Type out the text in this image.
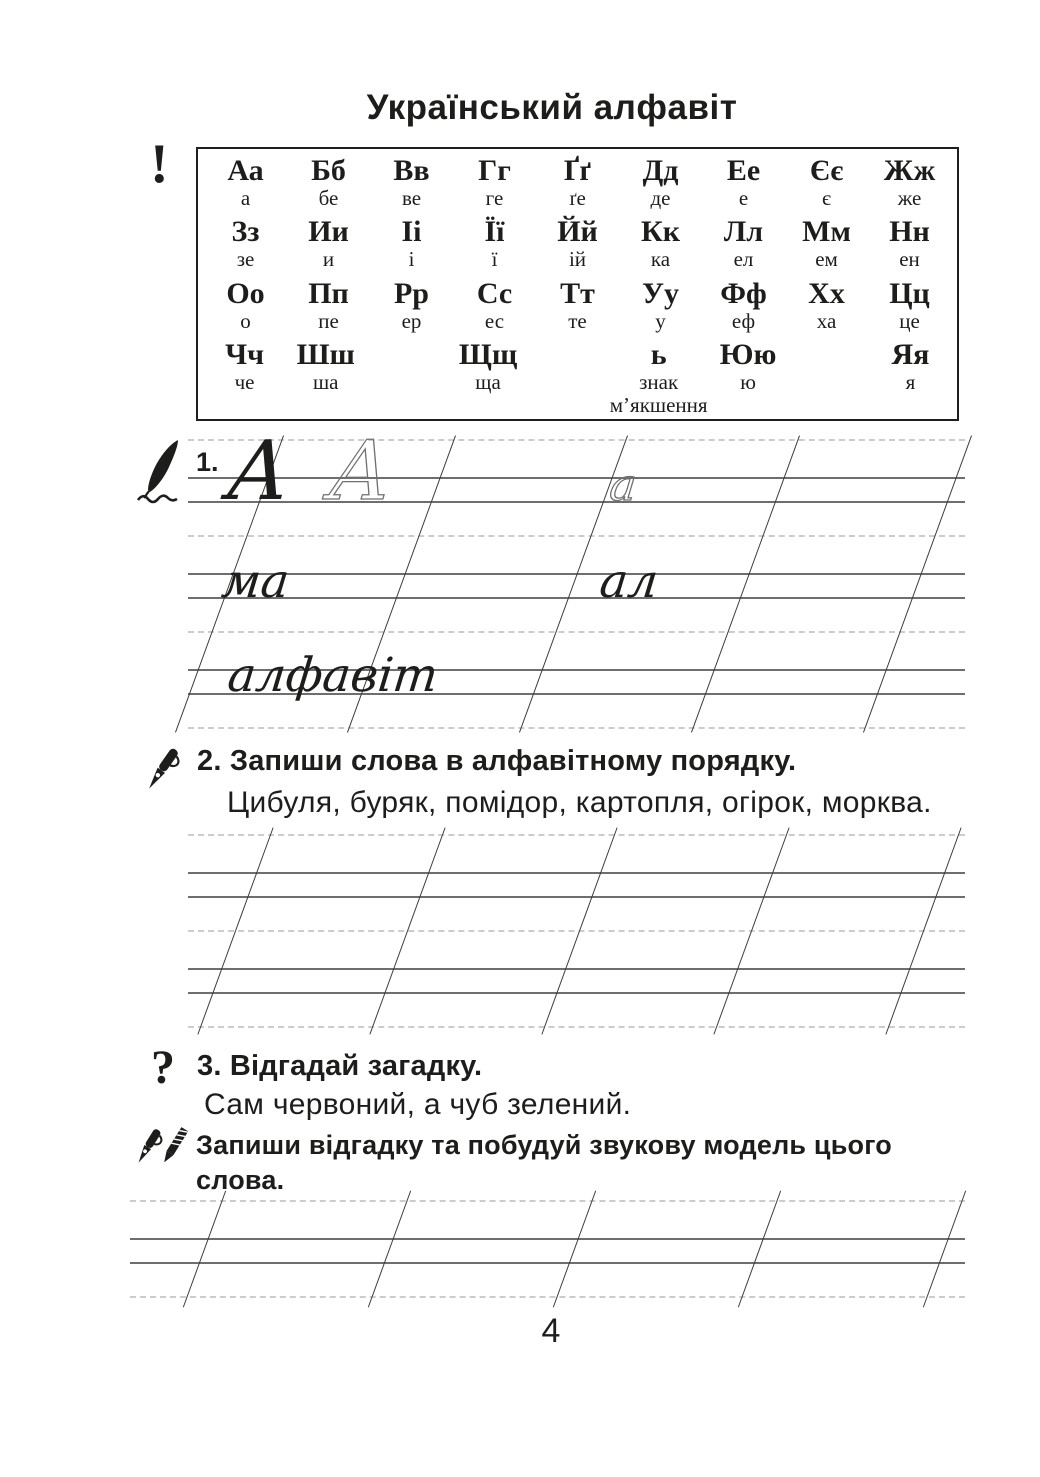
Український алфавіт
! Аа
а
Бб
бе
Вв
ве
Гг
ге
Ґґ
ґе
Дд
де
Ее
е
Єє
є
Жж
же
Зз
зе
Ии
и
Іі
і
Її
ї
Йй
ій
Кк
ка
Лл
ел
Мм
ем
Нн
ен
Оо
о
Пп
пе
Рр
ер
Сс
ес
Тт
те
Уу
у
Фф
еф
Хх
ха
Цц
це
Чч
че
Шш
ша
Щщ
ща
ь
знак
м’якшення
Юю
ю
Яя
я
1. А А	а
ма	ал
алфавіт
2. Запиши слова в алфавітному порядку.
Цибуля, буряк, помідор, картопля, огірок, морква.
? 3. Відгадай загадку.
Сам червоний, а чуб зелений.
Запиши відгадку та побудуй звукову модель цього
слова.
4
